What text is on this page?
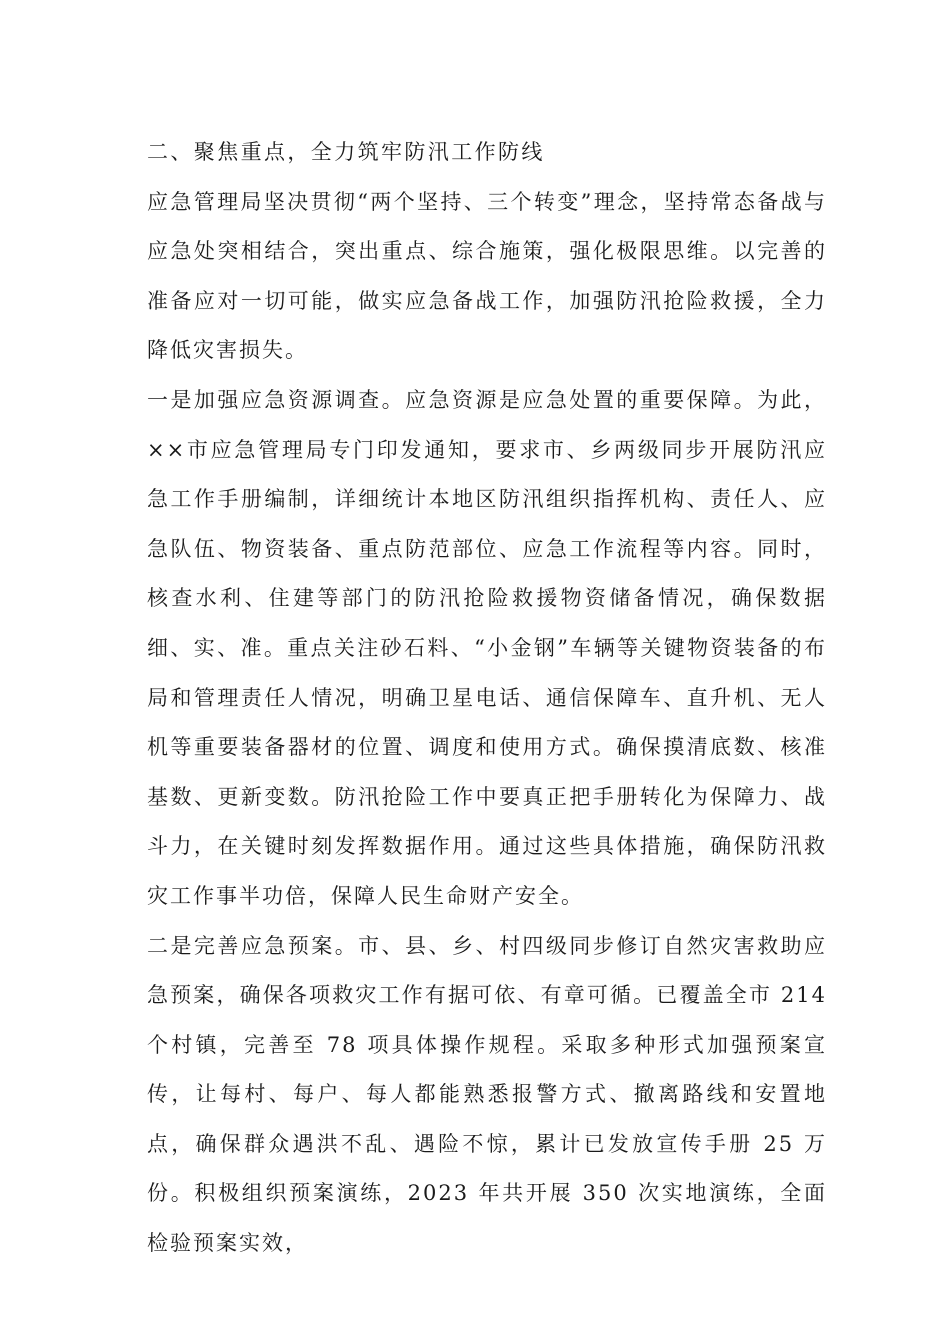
二、聚焦重点，全力筑牢防汛工作防线

应急管理局坚决贯彻“两个坚持、三个转变”理念，坚持常态备战与应急处突相结合，突出重点、综合施策，强化极限思维。以完善的准备应对一切可能，做实应急备战工作，加强防汛抢险救援，全力降低灾害损失。

一是加强应急资源调查。应急资源是应急处置的重要保障。为此，××市应急管理局专门印发通知，要求市、乡两级同步开展防汛应急工作手册编制，详细统计本地区防汛组织指挥机构、责任人、应急队伍、物资装备、重点防范部位、应急工作流程等内容。同时，核查水利、住建等部门的防汛抢险救援物资储备情况，确保数据细、实、准。重点关注砂石料、“小金钢”车辆等关键物资装备的布局和管理责任人情况，明确卫星电话、通信保障车、直升机、无人机等重要装备器材的位置、调度和使用方式。确保摸清底数、核准基数、更新变数。防汛抢险工作中要真正把手册转化为保障力、战斗力，在关键时刻发挥数据作用。通过这些具体措施，确保防汛救灾工作事半功倍，保障人民生命财产安全。

二是完善应急预案。市、县、乡、村四级同步修订自然灾害救助应急预案，确保各项救灾工作有据可依、有章可循。已覆盖全市 214 个村镇，完善至 78 项具体操作规程。采取多种形式加强预案宣传，让每村、每户、每人都能熟悉报警方式、撤离路线和安置地点，确保群众遇洪不乱、遇险不惊，累计已发放宣传手册 25 万份。积极组织预案演练，2023 年共开展 350 次实地演练，全面检验预案实效，
